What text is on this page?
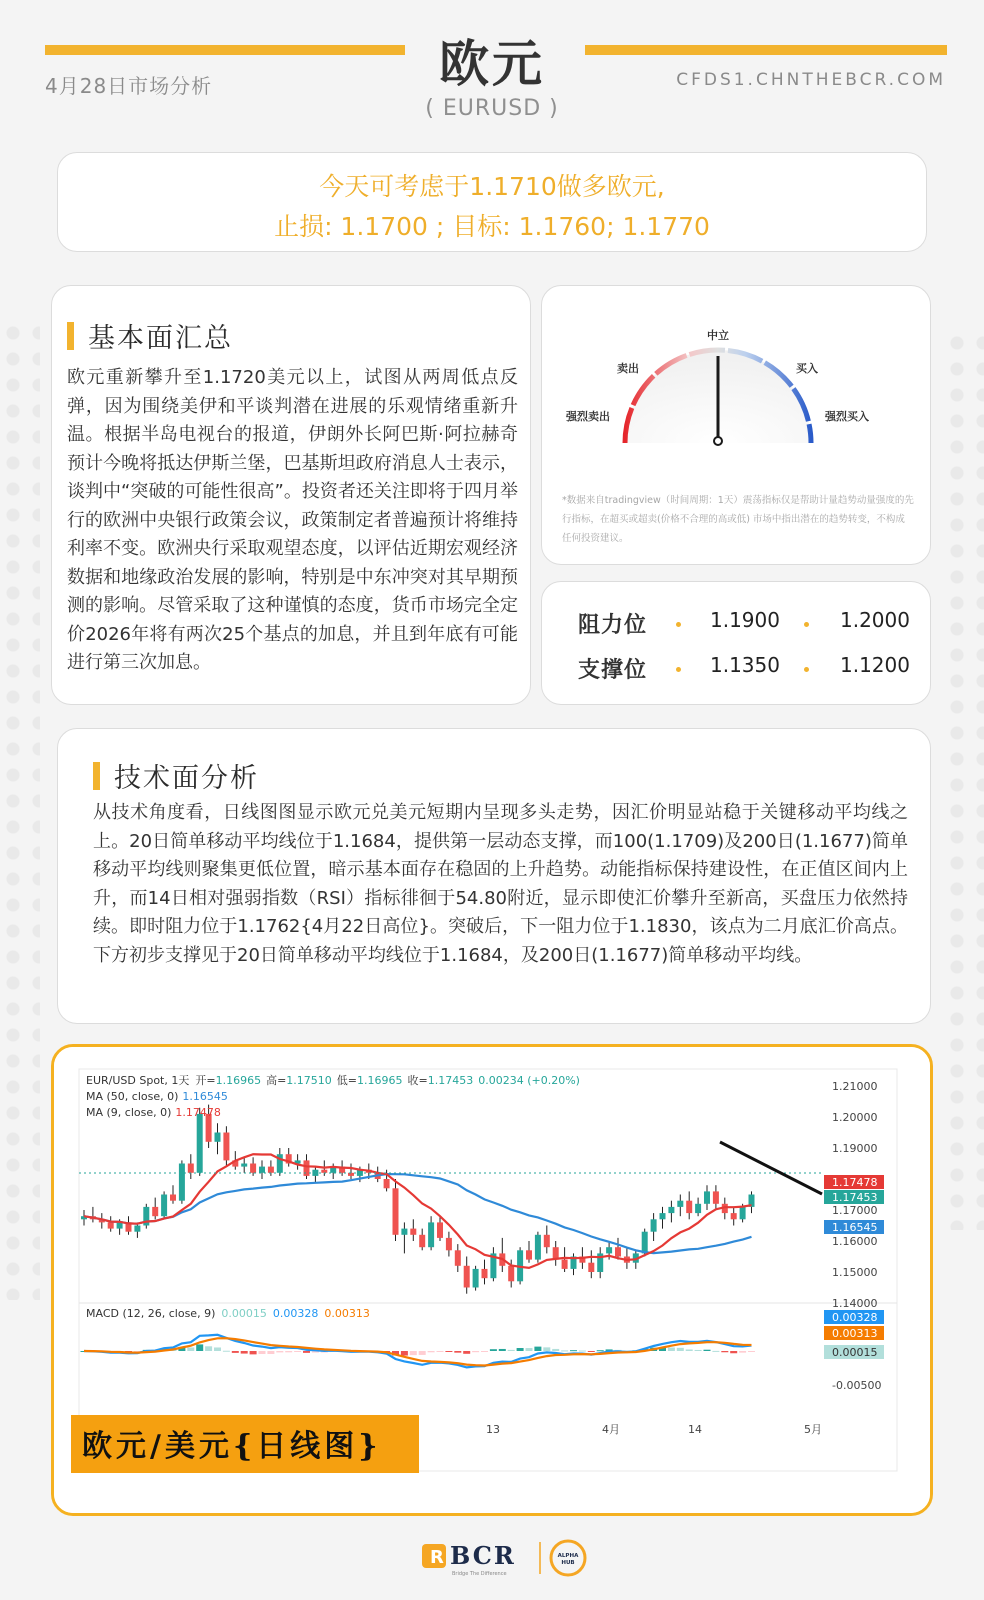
4月28日市场分析	欧元
( EURUSD )
CFDS1.CHNTHEBCR.COM
今天可考虑于1.1710做多欧元,
止损: 1.1700 ; 目标: 1.1760; 1.1770
基本面汇总
欧元重新攀升至1.1720美元以上，试图从两周低点反弹，因为围绕美伊和平谈判潜在进展的乐观情绪重新升温。根据半岛电视台的报道，伊朗外长阿巴斯·阿拉赫奇预计今晚将抵达伊斯兰堡，巴基斯坦政府消息人士表示，谈判中“突破的可能性很高”。投资者还关注即将于四月举行的欧洲中央银行政策会议，政策制定者普遍预计将维持利率不变。欧洲央行采取观望态度，以评估近期宏观经济数据和地缘政治发展的影响，特别是中东冲突对其早期预测的影响。尽管采取了这种谨慎的态度，货币市场完全定价2026年将有两次25个基点的加息，并且到年底有可能进行第三次加息。
中立
卖出	买入
强烈卖出	强烈买入
*数据来自tradingview（时间周期：1天）震荡指标仅是帮助计量趋势动量强度的先行指标，在超买或超卖(价格不合理的高或低) 市场中指出潜在的趋势转变，不构成任何投资建议。
阻力位	1.1900	1.2000
支撑位	1.1350	1.1200
技术面分析
从技术角度看，日线图图显示欧元兑美元短期内呈现多头走势，因汇价明显站稳于关键移动平均线之上。20日简单移动平均线位于1.1684，提供第一层动态支撑，而100(1.1709)及200日(1.1677)简单移动平均线则聚集更低位置，暗示基本面存在稳固的上升趋势。动能指标保持建设性，在正值区间内上升，而14日相对强弱指数（RSI）指标徘徊于54.80附近，显示即使汇价攀升至新高，买盘压力依然持续。即时阻力位于1.1762{4月22日高位}。突破后，下一阻力位于1.1830，该点为二月底汇价高点。下方初步支撑见于20日简单移动平均线位于1.1684，及200日(1.1677)简单移动平均线。
EUR/USD Spot, 1天 开=1.16965 高=1.17510 低=1.16965 收=1.17453 0.00234 (+0.20%)
MA (50, close, 0) 1.16545
MA (9, close, 0) 1.17478
1.21000
1.20000
1.19000
1.17000
1.16000
1.15000
1.14000
1.17478
1.17453
1.16545
MACD (12, 26, close, 9) 0.00015 0.00328 0.00313	0.00328
0.00313
0.00015
-0.00500
13	4月	14	5月
欧元/美元{日线图}
R BCR
Bridge The Difference
ALPHA
HUB
